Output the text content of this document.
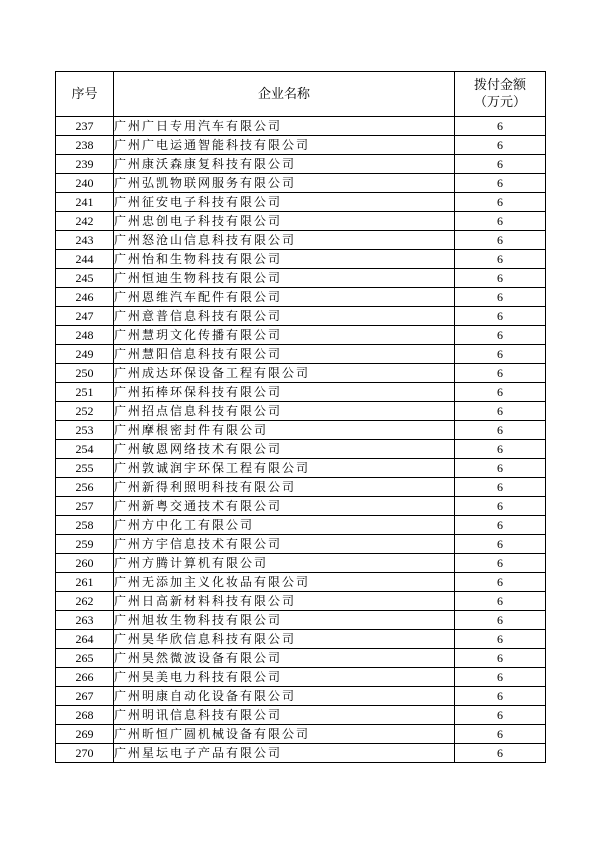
序号	企业名称	拨付金额
（万元）

237	广州广日专用汽车有限公司	6
238	广州广电运通智能科技有限公司	6
239	广州康沃森康复科技有限公司	6
240	广州弘凯物联网服务有限公司	6
241	广州征安电子科技有限公司	6
242	广州忠创电子科技有限公司	6
243	广州怒沧山信息科技有限公司	6
244	广州怡和生物科技有限公司	6
245	广州恒迪生物科技有限公司	6
246	广州恩维汽车配件有限公司	6
247	广州意普信息科技有限公司	6
248	广州慧玥文化传播有限公司	6
249	广州慧阳信息科技有限公司	6
250	广州成达环保设备工程有限公司	6
251	广州拓棒环保科技有限公司	6
252	广州招点信息科技有限公司	6
253	广州摩根密封件有限公司	6
254	广州敏恩网络技术有限公司	6
255	广州敦诚润宇环保工程有限公司	6
256	广州新得利照明科技有限公司	6
257	广州新粤交通技术有限公司	6
258	广州方中化工有限公司	6
259	广州方宇信息技术有限公司	6
260	广州方腾计算机有限公司	6
261	广州无添加主义化妆品有限公司	6
262	广州日高新材料科技有限公司	6
263	广州旭妆生物科技有限公司	6
264	广州昊华欣信息科技有限公司	6
265	广州昊然微波设备有限公司	6
266	广州昊美电力科技有限公司	6
267	广州明康自动化设备有限公司	6
268	广州明讯信息科技有限公司	6
269	广州昕恒广圆机械设备有限公司	6
270	广州星坛电子产品有限公司	6
